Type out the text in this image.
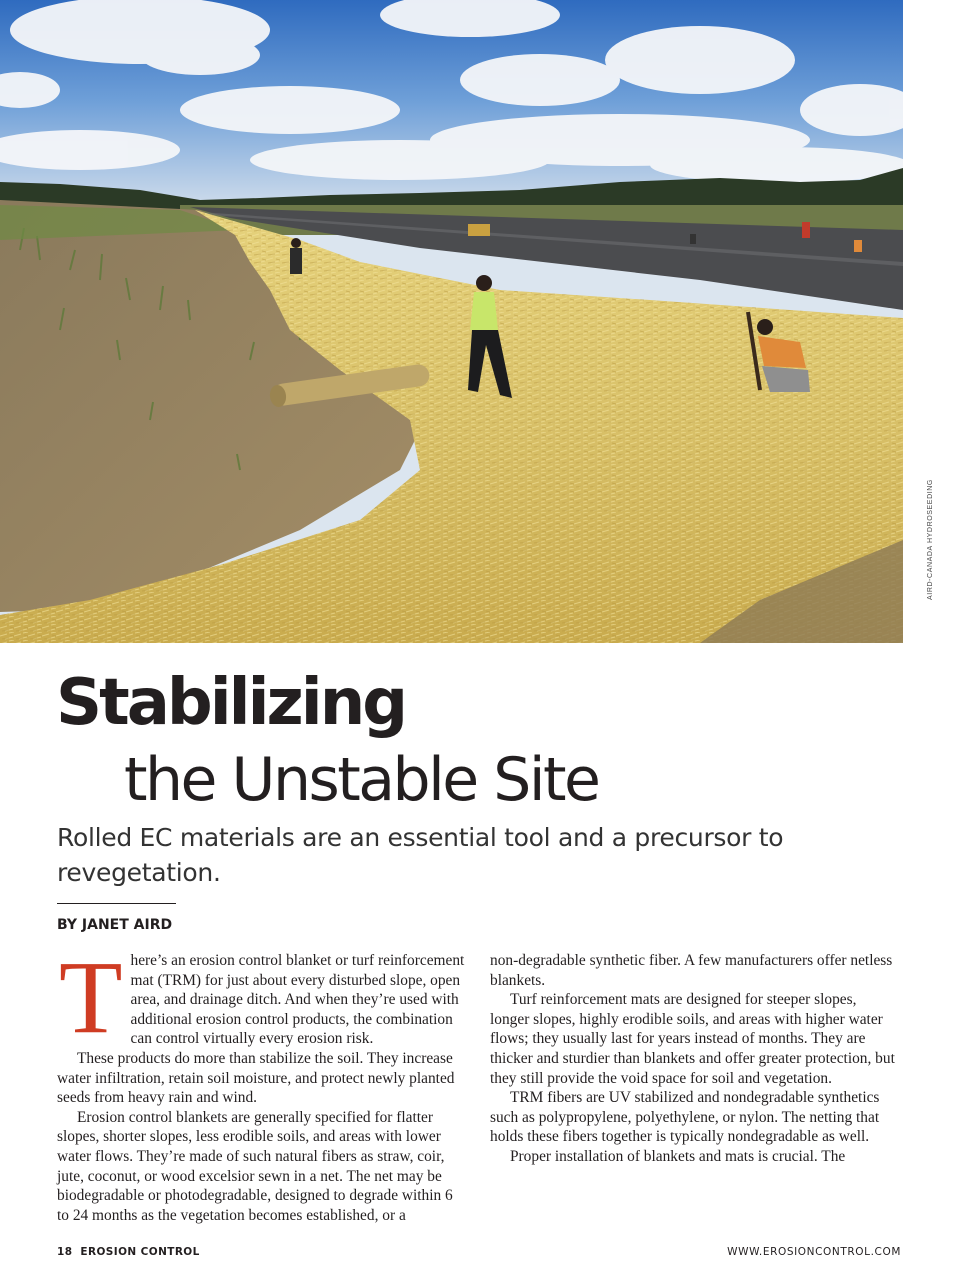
AIRD-CANADA HYDROSEEDING
Stabilizing
the Unstable Site

Rolled EC materials are an essential tool and a precursor to revegetation.

BY JANET AIRD

There’s an erosion control blanket or turf reinforcement mat (TRM) for just about every disturbed slope, open area, and drainage ditch. And when they’re used with additional erosion control products, the combination can control virtually every erosion risk.

These products do more than stabilize the soil. They increase water infiltration, retain soil moisture, and protect newly planted seeds from heavy rain and wind.

Erosion control blankets are generally specified for flatter slopes, shorter slopes, less erodible soils, and areas with lower water flows. They’re made of such natural fibers as straw, coir, jute, coconut, or wood excelsior sewn in a net. The net may be biodegradable or photodegradable, designed to degrade within 6 to 24 months as the vegetation becomes established, or a

non-degradable synthetic fiber. A few manufacturers offer netless blankets.

Turf reinforcement mats are designed for steeper slopes, longer slopes, highly erodible soils, and areas with higher water flows; they usually last for years instead of months. They are thicker and sturdier than blankets and offer greater protection, but they still provide the void space for soil and vegetation.

TRM fibers are UV stabilized and nondegradable synthetics such as polypropylene, polyethylene, or nylon. The netting that holds these fibers together is typically nondegradable as well.

Proper installation of blankets and mats is crucial. The

18 EROSION CONTROL	WWW.EROSIONCONTROL.COM
